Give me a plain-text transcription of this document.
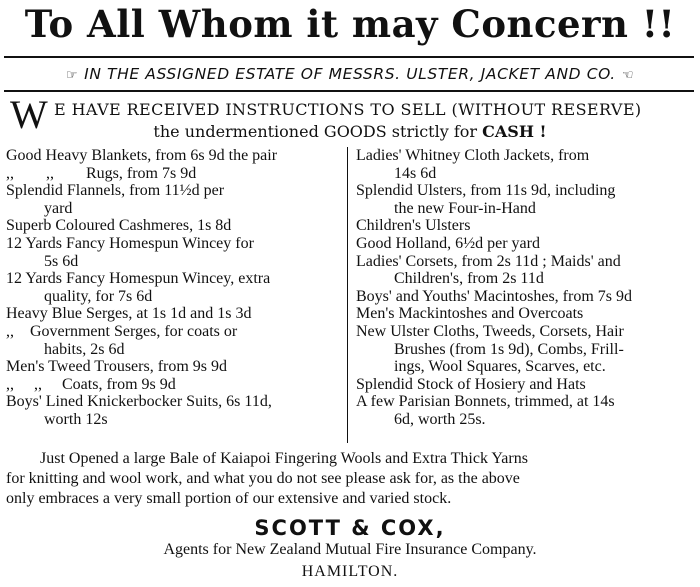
To All Whom it may Concern !!
☞ IN THE ASSIGNED ESTATE OF MESSRS. ULSTER, JACKET AND CO. ☜
W E HAVE RECEIVED INSTRUCTIONS TO SELL (WITHOUT RESERVE)
the undermentioned GOODS strictly for CASH !
Good Heavy Blankets, from 6s 9d the pair
,,        ,,        Rugs, from 7s 9d
Splendid Flannels, from 11½d per
yard
Superb Coloured Cashmeres, 1s 8d
12 Yards Fancy Homespun Wincey for
5s 6d
12 Yards Fancy Homespun Wincey, extra
quality, for 7s 6d
Heavy Blue Serges, at 1s 1d and 1s 3d
,,    Government Serges, for coats or
habits, 2s 6d
Men's Tweed Trousers, from 9s 9d
,,     ,,     Coats, from 9s 9d
Boys' Lined Knickerbocker Suits, 6s 11d,
worth 12s
Ladies' Whitney Cloth Jackets, from
14s 6d
Splendid Ulsters, from 11s 9d, including
the new Four-in-Hand
Children's Ulsters
Good Holland, 6½d per yard
Ladies' Corsets, from 2s 11d ; Maids' and
Children's, from 2s 11d
Boys' and Youths' Macintoshes, from 7s 9d
Men's Mackintoshes and Overcoats
New Ulster Cloths, Tweeds, Corsets, Hair
Brushes (from 1s 9d), Combs, Frill-
ings, Wool Squares, Scarves, etc.
Splendid Stock of Hosiery and Hats
A few Parisian Bonnets, trimmed, at 14s
6d, worth 25s.
Just Opened a large Bale of Kaiapoi Fingering Wools and Extra Thick Yarns
for knitting and wool work, and what you do not see please ask for, as the above
only embraces a very small portion of our extensive and varied stock.
SCOTT & COX,
Agents for New Zealand Mutual Fire Insurance Company.
HAMILTON.
